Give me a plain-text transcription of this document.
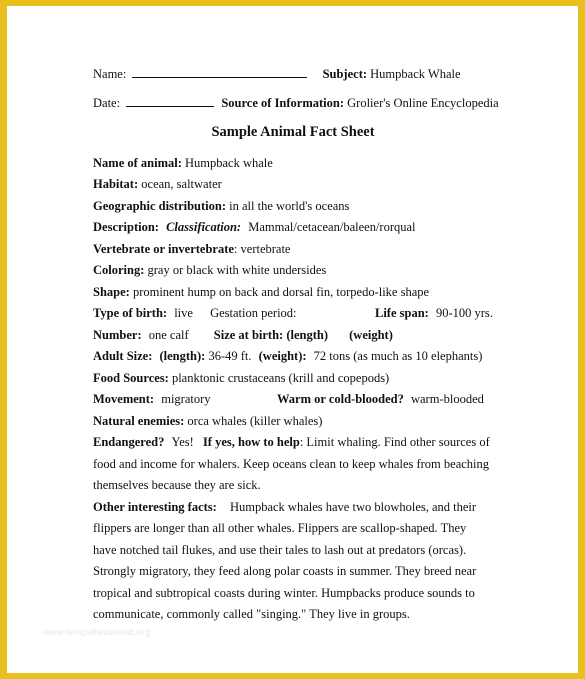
Name:	Subject: Humpback Whale
Date:	Source of Information: Grolier's Online Encyclopedia
Sample Animal Fact Sheet
Name of animal: Humpback whale
Habitat: ocean, saltwater
Geographic distribution: in all the world's oceans
Description: Classification: Mammal/cetacean/baleen/rorqual
Vertebrate or invertebrate: vertebrate
Coloring: gray or black with white undersides
Shape: prominent hump on back and dorsal fin, torpedo-like shape
Type of birth: live Gestation period:	Life span: 90-100 yrs.
Number: one calf Size at birth: (length) (weight)
Adult Size: (length): 36-49 ft. (weight): 72 tons (as much as 10 elephants)
Food Sources: planktonic crustaceans (krill and copepods)
Movement: migratory	Warm or cold-blooded? warm-blooded
Natural enemies: orca whales (killer whales)
Endangered? Yes! If yes, how to help: Limit whaling. Find other sources of
food and income for whalers. Keep oceans clean to keep whales from beaching
themselves because they are sick.
Other interesting facts: Humpback whales have two blowholes, and their
flippers are longer than all other whales. Flippers are scallop-shaped. They
have notched tail flukes, and use their tales to lash out at predators (orcas).
Strongly migratory, they feed along polar coasts in summer. They breed near
tropical and subtropical coasts during winter. Humpbacks produce sounds to
communicate, commonly called "singing." They live in groups.
www.templatesunmat.org
